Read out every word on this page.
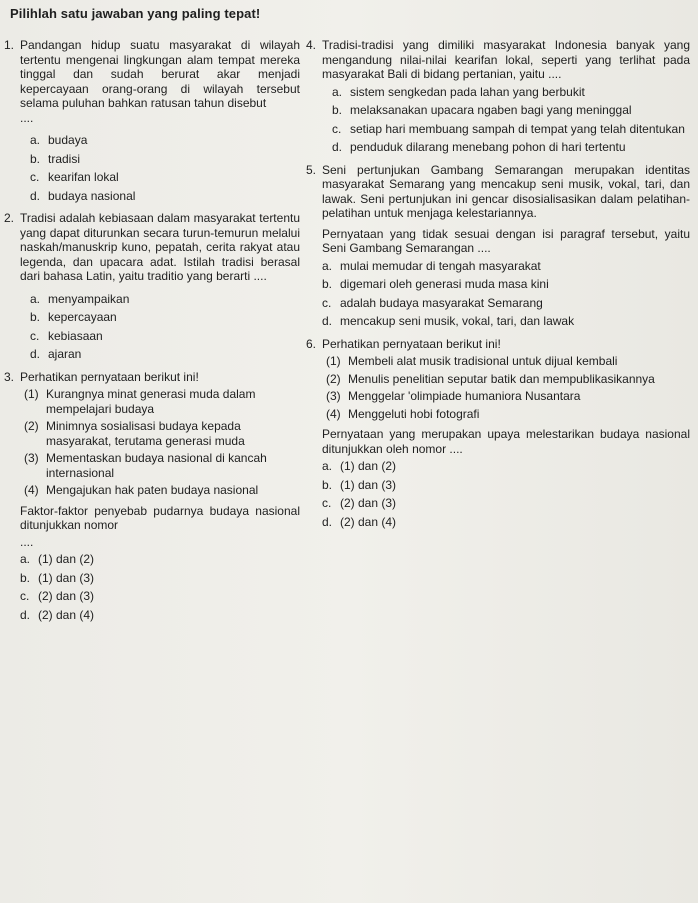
Pilihlah satu jawaban yang paling tepat!
1. Pandangan hidup suatu masyarakat di wilayah tertentu mengenai lingkungan alam tempat mereka tinggal dan sudah berurat akar menjadi kepercayaan orang-orang di wilayah tersebut selama puluhan bahkan ratusan tahun disebut
....
a. budaya
b. tradisi
c. kearifan lokal
d. budaya nasional
2. Tradisi adalah kebiasaan dalam masyarakat tertentu yang dapat diturunkan secara turun-temurun melalui naskah/manuskrip kuno, pepatah, cerita rakyat atau legenda, dan upacara adat. Istilah tradisi berasal dari bahasa Latin, yaitu traditio yang berarti ....
a. menyampaikan
b. kepercayaan
c. kebiasaan
d. ajaran
3. Perhatikan pernyataan berikut ini!
(1) Kurangnya minat generasi muda dalam mempelajari budaya
(2) Minimnya sosialisasi budaya kepada masyarakat, terutama generasi muda
(3) Mementaskan budaya nasional di kancah internasional
(4) Mengajukan hak paten budaya nasional
Faktor-faktor penyebab pudarnya budaya nasional ditunjukkan nomor
....
a. (1) dan (2)
b. (1) dan (3)
c. (2) dan (3)
d. (2) dan (4)
4. Tradisi-tradisi yang dimiliki masyarakat Indonesia banyak yang mengandung nilai-nilai kearifan lokal, seperti yang terlihat pada masyarakat Bali di bidang pertanian, yaitu ....
a. sistem sengkedan pada lahan yang berbukit
b. melaksanakan upacara ngaben bagi yang meninggal
c. setiap hari membuang sampah di tempat yang telah ditentukan
d. penduduk dilarang menebang pohon di hari tertentu
5. Seni pertunjukan Gambang Semarangan merupakan identitas masyarakat Semarang yang mencakup seni musik, vokal, tari, dan lawak. Seni pertunjukan ini gencar disosialisasikan dalam pelatihan-pelatihan untuk menjaga kelestariannya.
Pernyataan yang tidak sesuai dengan isi paragraf tersebut, yaitu Seni Gambang Semarangan ....
a. mulai memudar di tengah masyarakat
b. digemari oleh generasi muda masa kini
c. adalah budaya masyarakat Semarang
d. mencakup seni musik, vokal, tari, dan lawak
6. Perhatikan pernyataan berikut ini!
(1) Membeli alat musik tradisional untuk dijual kembali
(2) Menulis penelitian seputar batik dan mempublikasikannya
(3) Menggelar 'olimpiade humaniora Nusantara
(4) Menggeluti hobi fotografi
Pernyataan yang merupakan upaya melestarikan budaya nasional ditunjukkan oleh nomor ....
a. (1) dan (2)
b. (1) dan (3)
c. (2) dan (3)
d. (2) dan (4)
